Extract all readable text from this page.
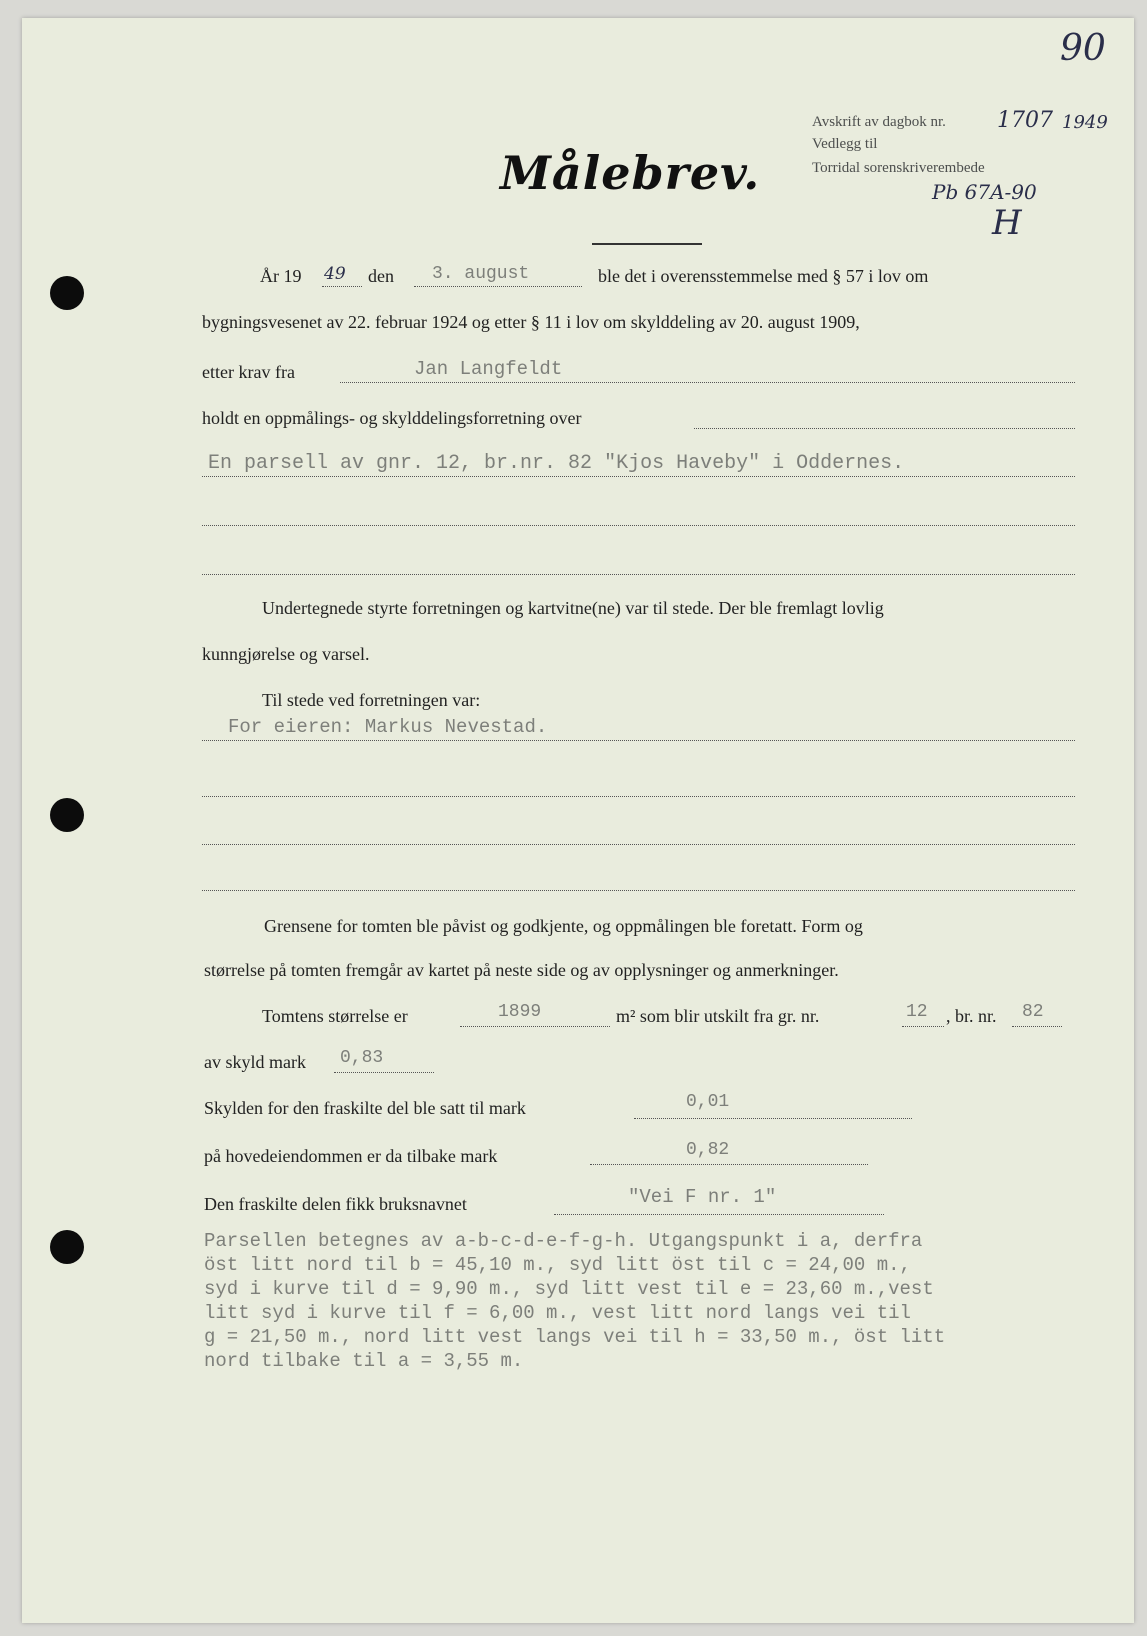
90
Avskrift av dagbok nr. 1707 1949
Vedlegg til
Torridal sorenskriverembede
Pb 67A-90
H
Målebrev.
År 19 49 den 3. august	ble det i overensstemmelse med § 57 i lov om
bygningsvesenet av 22. februar 1924 og etter § 11 i lov om skylddeling av 20. august 1909,
etter krav fra	Jan Langfeldt
holdt en oppmålings- og skylddelingsforretning over
En parsell av gnr. 12, br.nr. 82 "Kjos Haveby" i Oddernes.
Undertegnede styrte forretningen og kartvitne(ne) var til stede. Der ble fremlagt lovlig
kunngjørelse og varsel.
Til stede ved forretningen var:
For eieren: Markus Nevestad.
Grensene for tomten ble påvist og godkjente, og oppmålingen ble foretatt. Form og
størrelse på tomten fremgår av kartet på neste side og av opplysninger og anmerkninger.
Tomtens størrelse er	1899	m² som blir utskilt fra gr. nr.	12 , br. nr. 82
av skyld mark 0,83
Skylden for den fraskilte del ble satt til mark	0,01
på hovedeiendommen er da tilbake mark	0,82
Den fraskilte delen fikk bruksnavnet	"Vei F nr. 1"
Parsellen betegnes av a-b-c-d-e-f-g-h. Utgangspunkt i a, derfra
öst litt nord til b = 45,10 m., syd litt öst til c = 24,00 m.,
syd i kurve til d = 9,90 m., syd litt vest til e = 23,60 m.,vest
litt syd i kurve til f = 6,00 m., vest litt nord langs vei til
g = 21,50 m., nord litt vest langs vei til h = 33,50 m., öst litt
nord tilbake til a = 3,55 m.
